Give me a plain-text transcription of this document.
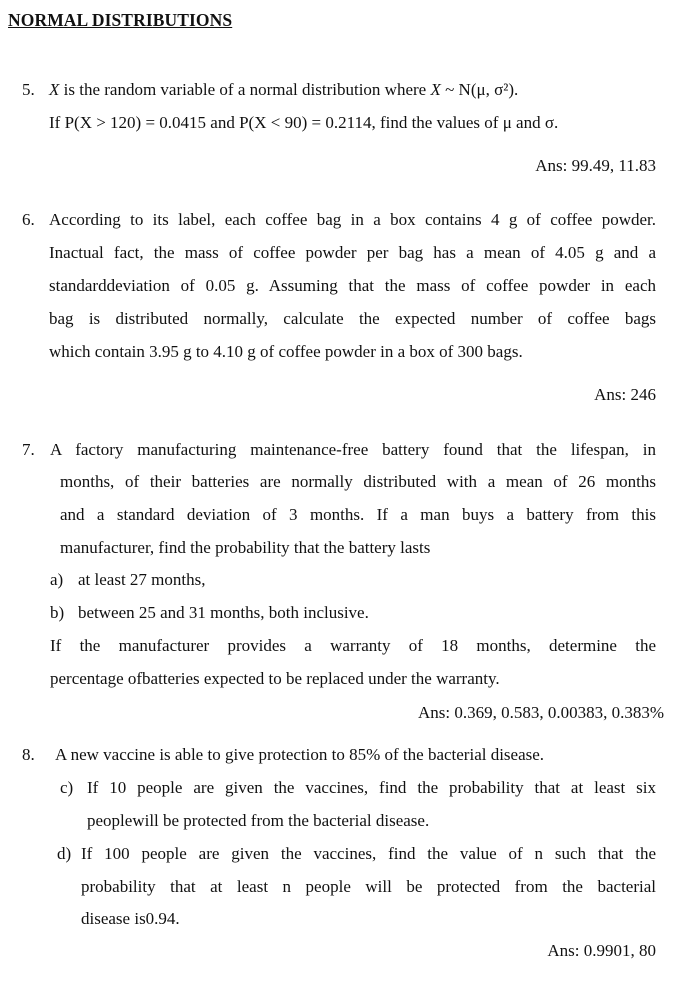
NORMAL DISTRIBUTIONS
5. X is the random variable of a normal distribution where X ~ N(μ, σ²).
If P(X > 120) = 0.0415 and P(X < 90) = 0.2114, find the values of μ and σ.
Ans: 99.49, 11.83
6. According to its label, each coffee bag in a box contains 4 g of coffee powder.
Inactual fact, the mass of coffee powder per bag has a mean of 4.05 g and a
standarddeviation of 0.05 g. Assuming that the mass of coffee powder in each
bag is distributed normally, calculate the expected number of coffee bags
which contain 3.95 g to 4.10 g of coffee powder in a box of 300 bags.
Ans: 246
7. A factory manufacturing maintenance-free battery found that the lifespan, in
months, of their batteries are normally distributed with a mean of 26 months
and a standard deviation of 3 months. If a man buys a battery from this
manufacturer, find the probability that the battery lasts
a) at least 27 months,
b) between 25 and 31 months, both inclusive.
If the manufacturer provides a warranty of 18 months, determine the
percentage ofbatteries expected to be replaced under the warranty.
Ans: 0.369, 0.583, 0.00383, 0.383%
8. A new vaccine is able to give protection to 85% of the bacterial disease.
c) If 10 people are given the vaccines, find the probability that at least six
peoplewill be protected from the bacterial disease.
d) If 100 people are given the vaccines, find the value of n such that the
probability that at least n people will be protected from the bacterial
disease is0.94.
Ans: 0.9901, 80
